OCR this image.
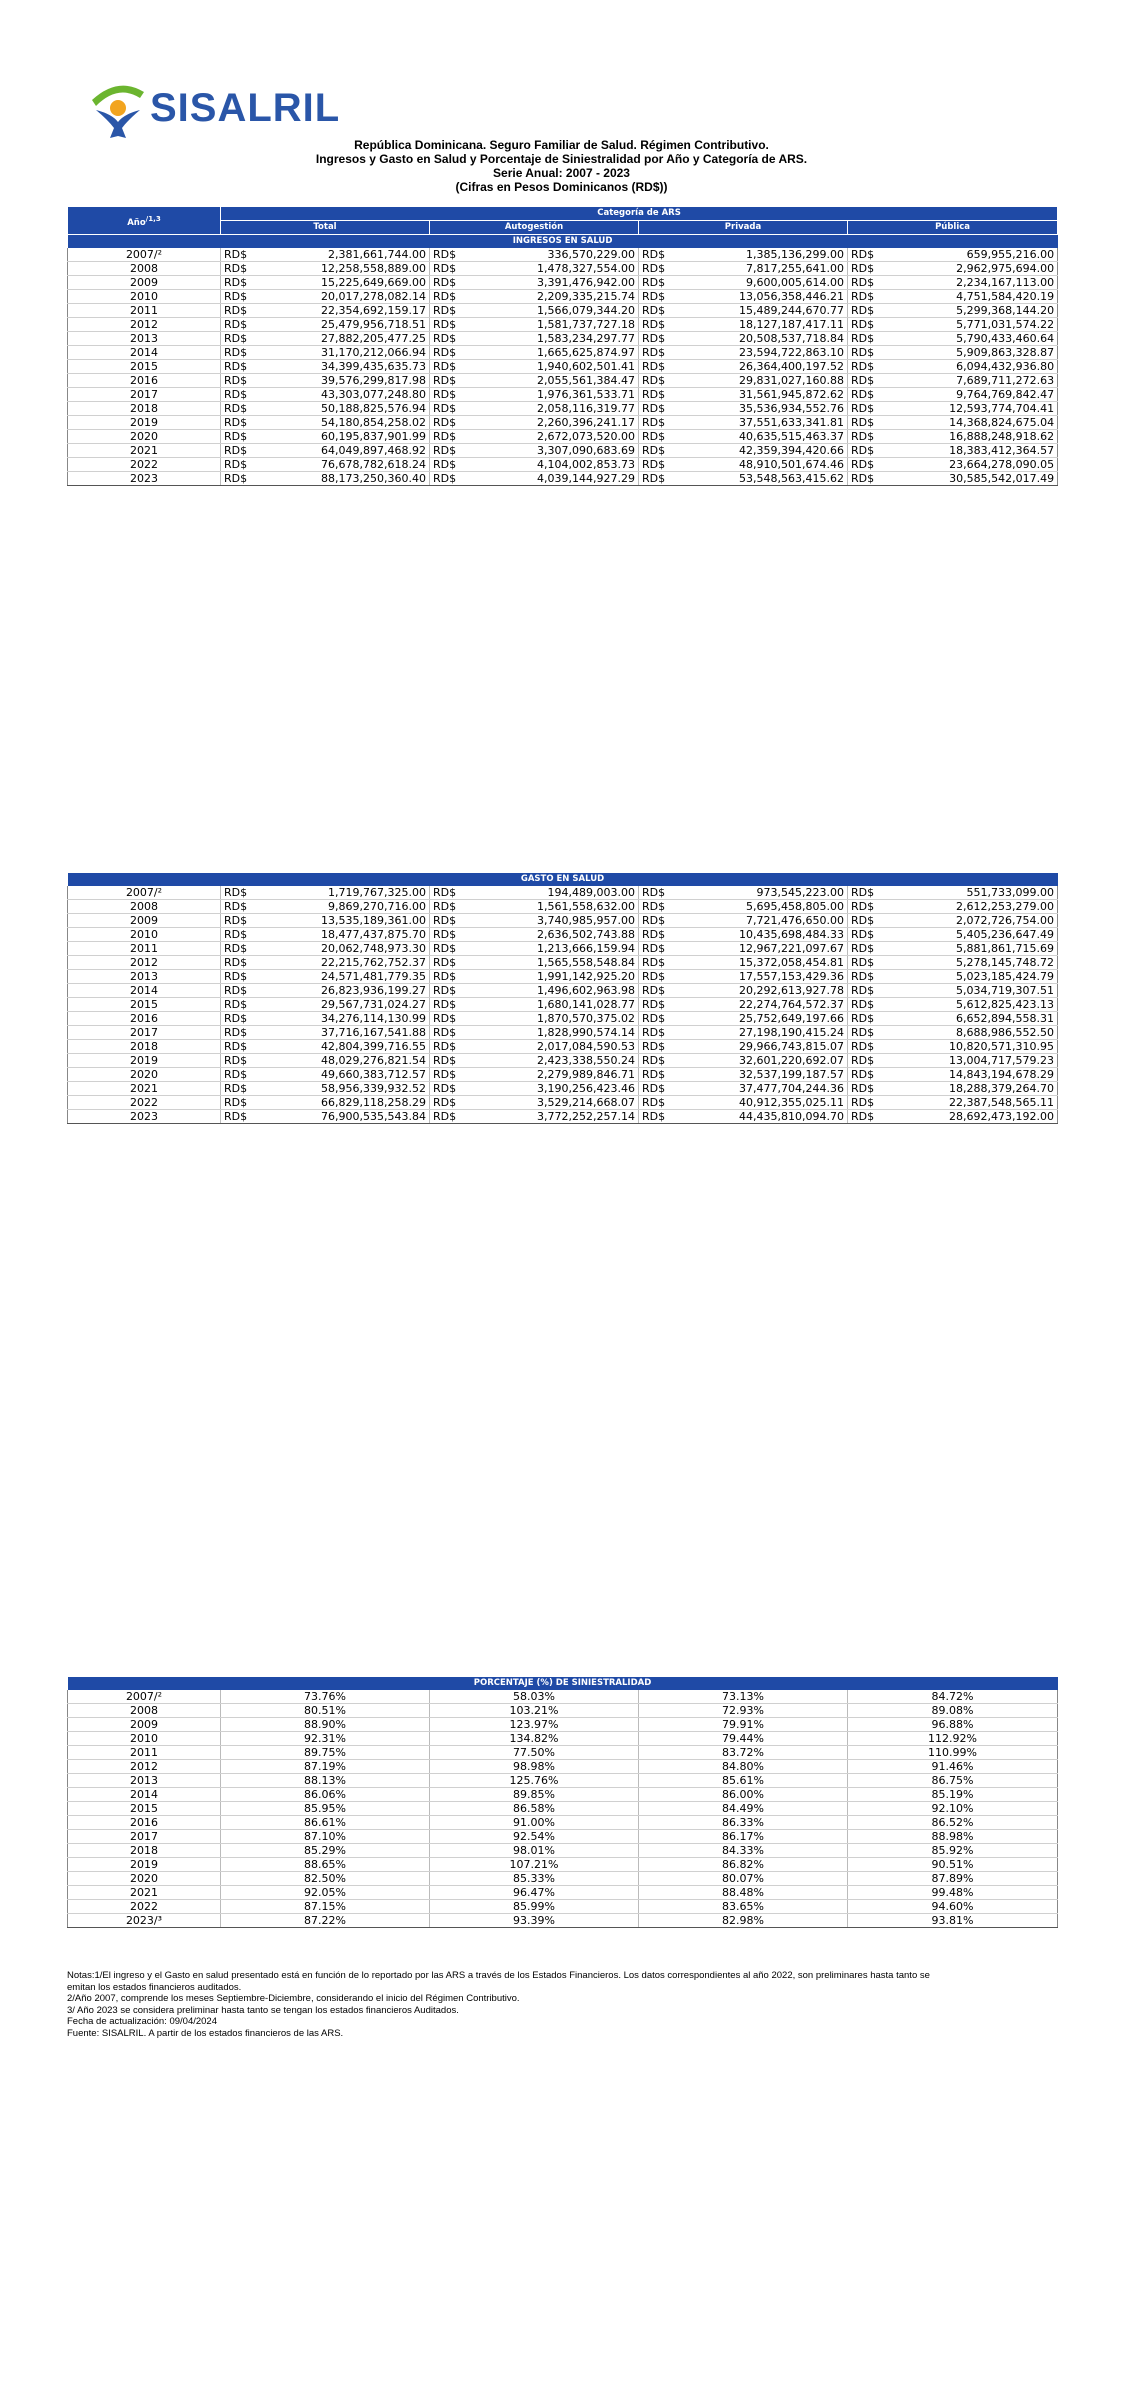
SISALRIL
República Dominicana. Seguro Familiar de Salud. Régimen Contributivo.
Ingresos y Gasto en Salud y Porcentaje de Siniestralidad por Año y Categoría de ARS.
Serie Anual: 2007 - 2023
(Cifras en Pesos Dominicanos (RD$))
Año$^{/1,3}$	Categoría de ARS							
	Total		Autogestión		Privada		Pública	
INGRESOS EN SALUD								
2007/²	RD$	2,381,661,744.00	RD$	336,570,229.00	RD$	1,385,136,299.00	RD$	659,955,216.00
2008	RD$	12,258,558,889.00	RD$	1,478,327,554.00	RD$	7,817,255,641.00	RD$	2,962,975,694.00
2009	RD$	15,225,649,669.00	RD$	3,391,476,942.00	RD$	9,600,005,614.00	RD$	2,234,167,113.00
2010	RD$	20,017,278,082.14	RD$	2,209,335,215.74	RD$	13,056,358,446.21	RD$	4,751,584,420.19
2011	RD$	22,354,692,159.17	RD$	1,566,079,344.20	RD$	15,489,244,670.77	RD$	5,299,368,144.20
2012	RD$	25,479,956,718.51	RD$	1,581,737,727.18	RD$	18,127,187,417.11	RD$	5,771,031,574.22
2013	RD$	27,882,205,477.25	RD$	1,583,234,297.77	RD$	20,508,537,718.84	RD$	5,790,433,460.64
2014	RD$	31,170,212,066.94	RD$	1,665,625,874.97	RD$	23,594,722,863.10	RD$	5,909,863,328.87
2015	RD$	34,399,435,635.73	RD$	1,940,602,501.41	RD$	26,364,400,197.52	RD$	6,094,432,936.80
2016	RD$	39,576,299,817.98	RD$	2,055,561,384.47	RD$	29,831,027,160.88	RD$	7,689,711,272.63
2017	RD$	43,303,077,248.80	RD$	1,976,361,533.71	RD$	31,561,945,872.62	RD$	9,764,769,842.47
2018	RD$	50,188,825,576.94	RD$	2,058,116,319.77	RD$	35,536,934,552.76	RD$	12,593,774,704.41
2019	RD$	54,180,854,258.02	RD$	2,260,396,241.17	RD$	37,551,633,341.81	RD$	14,368,824,675.04
2020	RD$	60,195,837,901.99	RD$	2,672,073,520.00	RD$	40,635,515,463.37	RD$	16,888,248,918.62
2021	RD$	64,049,897,468.92	RD$	3,307,090,683.69	RD$	42,359,394,420.66	RD$	18,383,412,364.57
2022	RD$	76,678,782,618.24	RD$	4,104,002,853.73	RD$	48,910,501,674.46	RD$	23,664,278,090.05
2023	RD$	88,173,250,360.40	RD$	4,039,144,927.29	RD$	53,548,563,415.62	RD$	30,585,542,017.49
GASTO EN SALUD								
2007/²	RD$	1,719,767,325.00	RD$	194,489,003.00	RD$	973,545,223.00	RD$	551,733,099.00
2008	RD$	9,869,270,716.00	RD$	1,561,558,632.00	RD$	5,695,458,805.00	RD$	2,612,253,279.00
2009	RD$	13,535,189,361.00	RD$	3,740,985,957.00	RD$	7,721,476,650.00	RD$	2,072,726,754.00
2010	RD$	18,477,437,875.70	RD$	2,636,502,743.88	RD$	10,435,698,484.33	RD$	5,405,236,647.49
2011	RD$	20,062,748,973.30	RD$	1,213,666,159.94	RD$	12,967,221,097.67	RD$	5,881,861,715.69
2012	RD$	22,215,762,752.37	RD$	1,565,558,548.84	RD$	15,372,058,454.81	RD$	5,278,145,748.72
2013	RD$	24,571,481,779.35	RD$	1,991,142,925.20	RD$	17,557,153,429.36	RD$	5,023,185,424.79
2014	RD$	26,823,936,199.27	RD$	1,496,602,963.98	RD$	20,292,613,927.78	RD$	5,034,719,307.51
2015	RD$	29,567,731,024.27	RD$	1,680,141,028.77	RD$	22,274,764,572.37	RD$	5,612,825,423.13
2016	RD$	34,276,114,130.99	RD$	1,870,570,375.02	RD$	25,752,649,197.66	RD$	6,652,894,558.31
2017	RD$	37,716,167,541.88	RD$	1,828,990,574.14	RD$	27,198,190,415.24	RD$	8,688,986,552.50
2018	RD$	42,804,399,716.55	RD$	2,017,084,590.53	RD$	29,966,743,815.07	RD$	10,820,571,310.95
2019	RD$	48,029,276,821.54	RD$	2,423,338,550.24	RD$	32,601,220,692.07	RD$	13,004,717,579.23
2020	RD$	49,660,383,712.57	RD$	2,279,989,846.71	RD$	32,537,199,187.57	RD$	14,843,194,678.29
2021	RD$	58,956,339,932.52	RD$	3,190,256,423.46	RD$	37,477,704,244.36	RD$	18,288,379,264.70
2022	RD$	66,829,118,258.29	RD$	3,529,214,668.07	RD$	40,912,355,025.11	RD$	22,387,548,565.11
2023	RD$	76,900,535,543.84	RD$	3,772,252,257.14	RD$	44,435,810,094.70	RD$	28,692,473,192.00
PORCENTAJE (%) DE SINIESTRALIDAD				
2007/²	73.76%	58.03%	73.13%	84.72%
2008	80.51%	103.21%	72.93%	89.08%
2009	88.90%	123.97%	79.91%	96.88%
2010	92.31%	134.82%	79.44%	112.92%
2011	89.75%	77.50%	83.72%	110.99%
2012	87.19%	98.98%	84.80%	91.46%
2013	88.13%	125.76%	85.61%	86.75%
2014	86.06%	89.85%	86.00%	85.19%
2015	85.95%	86.58%	84.49%	92.10%
2016	86.61%	91.00%	86.33%	86.52%
2017	87.10%	92.54%	86.17%	88.98%
2018	85.29%	98.01%	84.33%	85.92%
2019	88.65%	107.21%	86.82%	90.51%
2020	82.50%	85.33%	80.07%	87.89%
2021	92.05%	96.47%	88.48%	99.48%
2022	87.15%	85.99%	83.65%	94.60%
2023/³	87.22%	93.39%	82.98%	93.81%
Notas:1/El ingreso y el Gasto en salud presentado está en función de lo reportado por las ARS a través de los Estados Financieros. Los datos correspondientes al año 2022, son preliminares hasta tanto se
emitan los estados financieros auditados.
2/Año 2007, comprende los meses Septiembre-Diciembre, considerando el inicio del Régimen Contributivo.
3/ Año 2023 se considera preliminar hasta tanto se tengan los estados financieros Auditados.
Fecha de actualización: 09/04/2024
Fuente: SISALRIL. A partir de los estados financieros de las ARS.
